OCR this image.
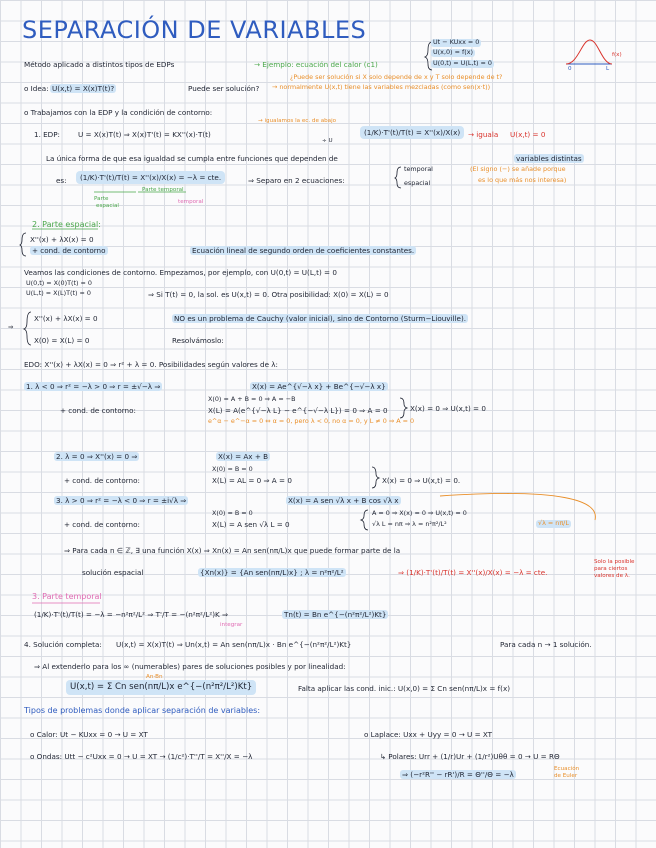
SEPARACIÓN DE VARIABLES
Método aplicado a distintos tipos de EDPs	→ Ejemplo: ecuación del calor (c1)
Ut − KUxx = 0
U(x,0) = f(x)
U(0,t) = U(L,t) = 0
f(x)
0	L
o Idea: U(x,t) = X(x)T(t)?	Puede ser solución?
¿Puede ser solución si X solo depende de x y T solo depende de t?
→ normalmente U(x,t) tiene las variables mezcladas (como sen(x·t))
o Trabajamos con la EDP y la condición de contorno:
→ igualamos la ec. de abajo
1. EDP:	U = X(x)T(t) ⇒ X(x)T'(t) = KX''(x)·T(t)
÷ U
(1/K)·T'(t)/T(t) = X''(x)/X(x)	→ iguala U(x,t) = 0
La única forma de que esa igualdad se cumpla entre funciones que dependen de	variables distintas
es:	(1/K)·T'(t)/T(t) = X''(x)/X(x) = −λ = cte.	⇒ Separo en 2 ecuaciones:
temporal
espacial
(El signo (−) se añade porque
es lo que más nos interesa)
Parte temporal
Parte
espacial
temporal
2. Parte espacial:
X''(x) + λX(x) = 0
+ cond. de contorno	Ecuación lineal de segundo orden de coeficientes constantes.
Veamos las condiciones de contorno. Empezamos, por ejemplo, con U(0,t) = U(L,t) = 0
U(0,t) = X(0)T(t) = 0
U(L,t) = X(L)T(t) = 0	⇒ Si T(t) = 0, la sol. es U(x,t) = 0. Otra posibilidad: X(0) = X(L) = 0
X''(x) + λX(x) = 0
X(0) = X(L) = 0
⇒
NO es un problema de Cauchy (valor inicial), sino de Contorno (Sturm−Liouville).
Resolvámoslo:
EDO: X''(x) + λX(x) = 0 ⇒ r² + λ = 0. Posibilidades según valores de λ:
1. λ < 0 ⇒ r² = −λ > 0 ⇒ r = ±√−λ ⇒	X(x) = Ae^{√−λ x} + Be^{−√−λ x}
X(0) = A + B = 0 ⇒ A = −B
+ cond. de contorno:	X(L) = A(e^{√−λ L} − e^{−√−λ L}) = 0 ⇒ A = 0	X(x) = 0 ⇒ U(x,t) = 0
e^α − e^−α = 0 ⇔ α = 0, pero λ < 0, no α = 0, y L ≠ 0 ⇒ A = 0
2. λ = 0 ⇒ X''(x) = 0 ⇒	X(x) = Ax + B
X(0) = B = 0
+ cond. de contorno:	X(L) = AL = 0 ⇒ A = 0	X(x) = 0 ⇒ U(x,t) = 0.
3. λ > 0 ⇒ r² = −λ < 0 ⇒ r = ±i√λ ⇒	X(x) = A sen √λ x + B cos √λ x
X(0) = B = 0
+ cond. de contorno:	X(L) = A sen √λ L = 0
A = 0 ⇒ X(x) = 0 ⇒ U(x,t) = 0
√λ L = nπ ⇒ λ = n²π²/L²	√λ = nπ/L
⇒ Para cada n ∈ ℤ, ∃ una función X(x) ⇒ Xn(x) = An sen(nπ/L)x que puede formar parte de la
solución espacial	{Xn(x)} = {An sen(nπ/L)x} ; λ = n²π²/L²	⇒ (1/K)·T'(t)/T(t) = X''(x)/X(x) = −λ = cte.
Solo la posible
para ciertos
valores de λ.
3. Parte temporal
(1/K)·T'(t)/T(t) = −λ = −n²π²/L² ⇒ T'/T = −(n²π²/L²)K ⇒	Tn(t) = Bn e^{−(n²π²/L²)Kt}
integrar
4. Solución completa: U(x,t) = X(x)T(t) ⇒ Un(x,t) = An sen(nπ/L)x · Bn e^{−(n²π²/L²)Kt}	Para cada n → 1 solución.
⇒ Al extenderlo para los ∞ (numerables) pares de soluciones posibles y por linealidad:
An·Bn
U(x,t) = Σ Cn sen(nπ/L)x e^{−(n²π²/L²)Kt}	Falta aplicar las cond. inic.: U(x,0) = Σ Cn sen(nπ/L)x = f(x)
Tipos de problemas donde aplicar separación de variables:
o Calor: Ut − KUxx = 0 → U = XT	o Laplace: Uxx + Uyy = 0 → U = XT
o Ondas: Utt − c²Uxx = 0 → U = XT → (1/c²)·T''/T = X''/X = −λ	↳ Polares: Urr + (1/r)Ur + (1/r²)Uθθ = 0 → U = RΘ
⇒ (−r²R'' − rR')/R = Θ''/Θ = −λ
Ecuación
de Euler
